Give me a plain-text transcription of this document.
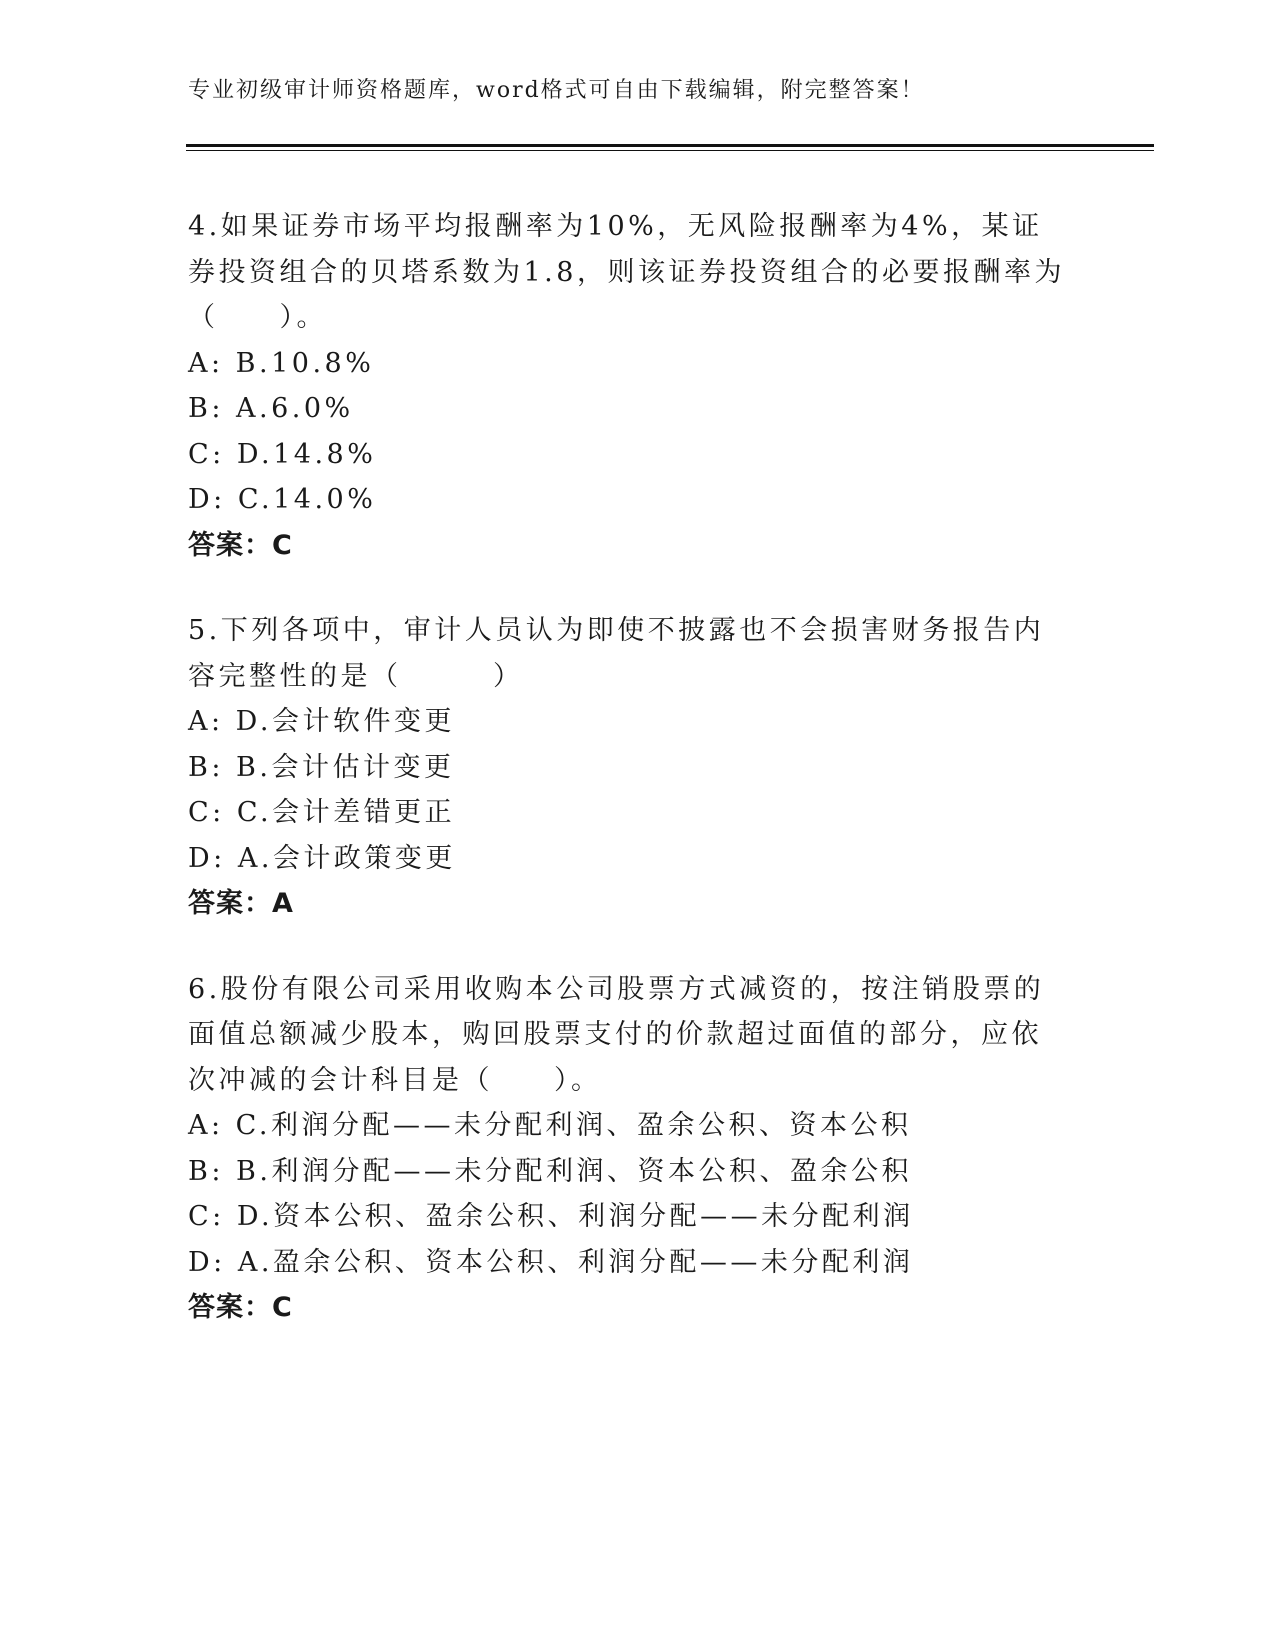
专业初级审计师资格题库，word格式可自由下载编辑，附完整答案！

4.如果证券市场平均报酬率为10%，无风险报酬率为4%，某证券投资组合的贝塔系数为1.8，则该证券投资组合的必要报酬率为（　　）。

A: B.10.8%
B: A.6.0%
C: D.14.8%
D: C.14.0%
答案：C

5.下列各项中，审计人员认为即使不披露也不会损害财务报告内容完整性的是（　　　）

A: D.会计软件变更
B: B.会计估计变更
C: C.会计差错更正
D: A.会计政策变更
答案：A

6.股份有限公司采用收购本公司股票方式减资的，按注销股票的面值总额减少股本，购回股票支付的价款超过面值的部分，应依次冲减的会计科目是（　　）。

A: C.利润分配——未分配利润、盈余公积、资本公积
B: B.利润分配——未分配利润、资本公积、盈余公积
C: D.资本公积、盈余公积、利润分配——未分配利润
D: A.盈余公积、资本公积、利润分配——未分配利润
答案：C
